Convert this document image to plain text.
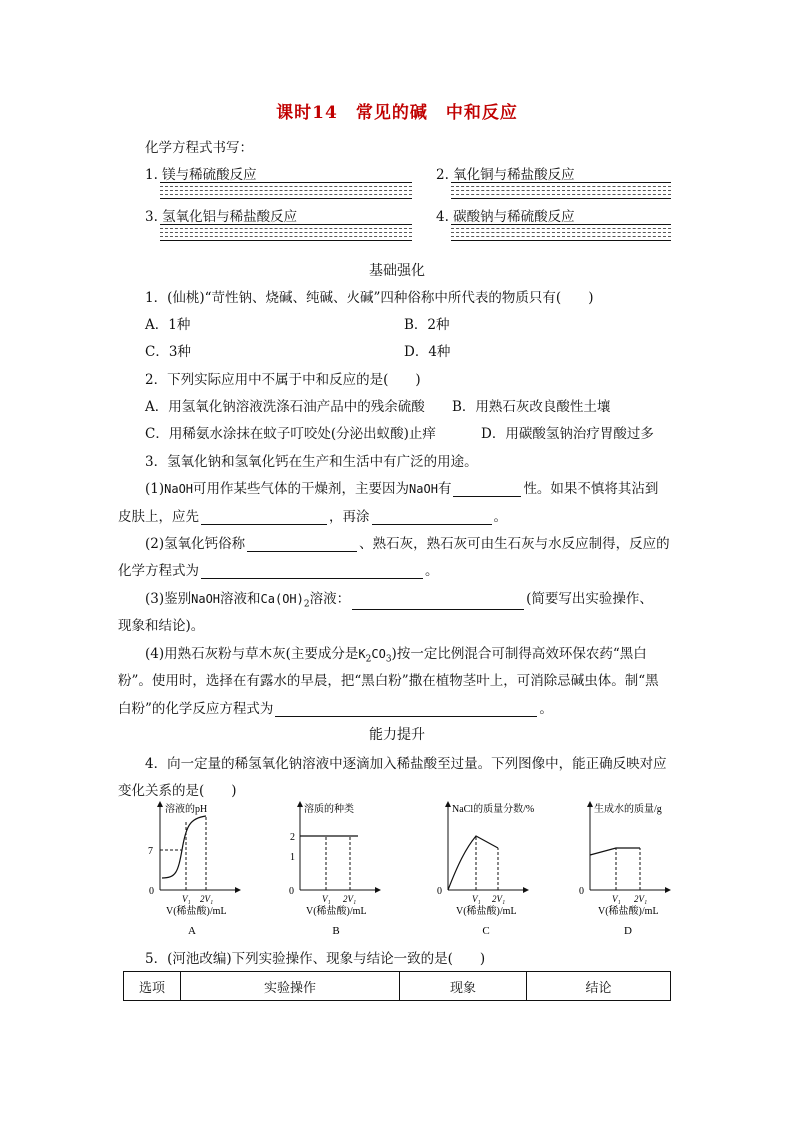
课时14 常见的碱 中和反应
化学方程式书写：
1. 镁与稀硫酸反应	2. 氧化铜与稀盐酸反应
3. 氢氧化铝与稀盐酸反应	4. 碳酸钠与稀硫酸反应
基础强化
1．(仙桃)“苛性钠、烧碱、纯碱、火碱”四种俗称中所代表的物质只有(　　)
A．1种	B．2种
C．3种	D．4种
2．下列实际应用中不属于中和反应的是(　　)
A．用氢氧化钠溶液洗涤石油产品中的残余硫酸 B．用熟石灰改良酸性土壤
C．用稀氨水涂抹在蚊子叮咬处(分泌出蚁酸)止痒	D．用碳酸氢钠治疗胃酸过多
3．氢氧化钠和氢氧化钙在生产和生活中有广泛的用途。
(1)NaOH可用作某些气体的干燥剂，主要因为NaOH有	性。如果不慎将其沾到
皮肤上，应先	，再涂	。
(2)氢氧化钙俗称	、熟石灰，熟石灰可由生石灰与水反应制得，反应的
化学方程式为	。
(3)鉴别NaOH溶液和$Ca(OH)_2$溶液：	(简要写出实验操作、
现象和结论)。
(4)用熟石灰粉与草木灰(主要成分是$K_2CO_3$)按一定比例混合可制得高效环保农药“黑白
粉”。使用时，选择在有露水的早晨，把“黑白粉”撒在植物茎叶上，可消除忌碱虫体。制“黑
白粉”的化学反应方程式为	。
能力提升
4．向一定量的稀氢氧化钠溶液中逐滴加入稀盐酸至过量。下列图像中，能正确反映对应
变化关系的是(　　)
溶液的pH
7
0
V₁ 2V₁
V(稀盐酸)/mL
A
溶质的种类
2
1
0
V₁ 2V₁
V(稀盐酸)/mL
B
NaCl的质量分数/%
0
V₁ 2V₁
V(稀盐酸)/mL
C
生成水的质量/g
0
V₁ 2V₁
V(稀盐酸)/mL
D
5．(河池改编)下列实验操作、现象与结论一致的是(　　)
选项	实验操作	现象	结论
